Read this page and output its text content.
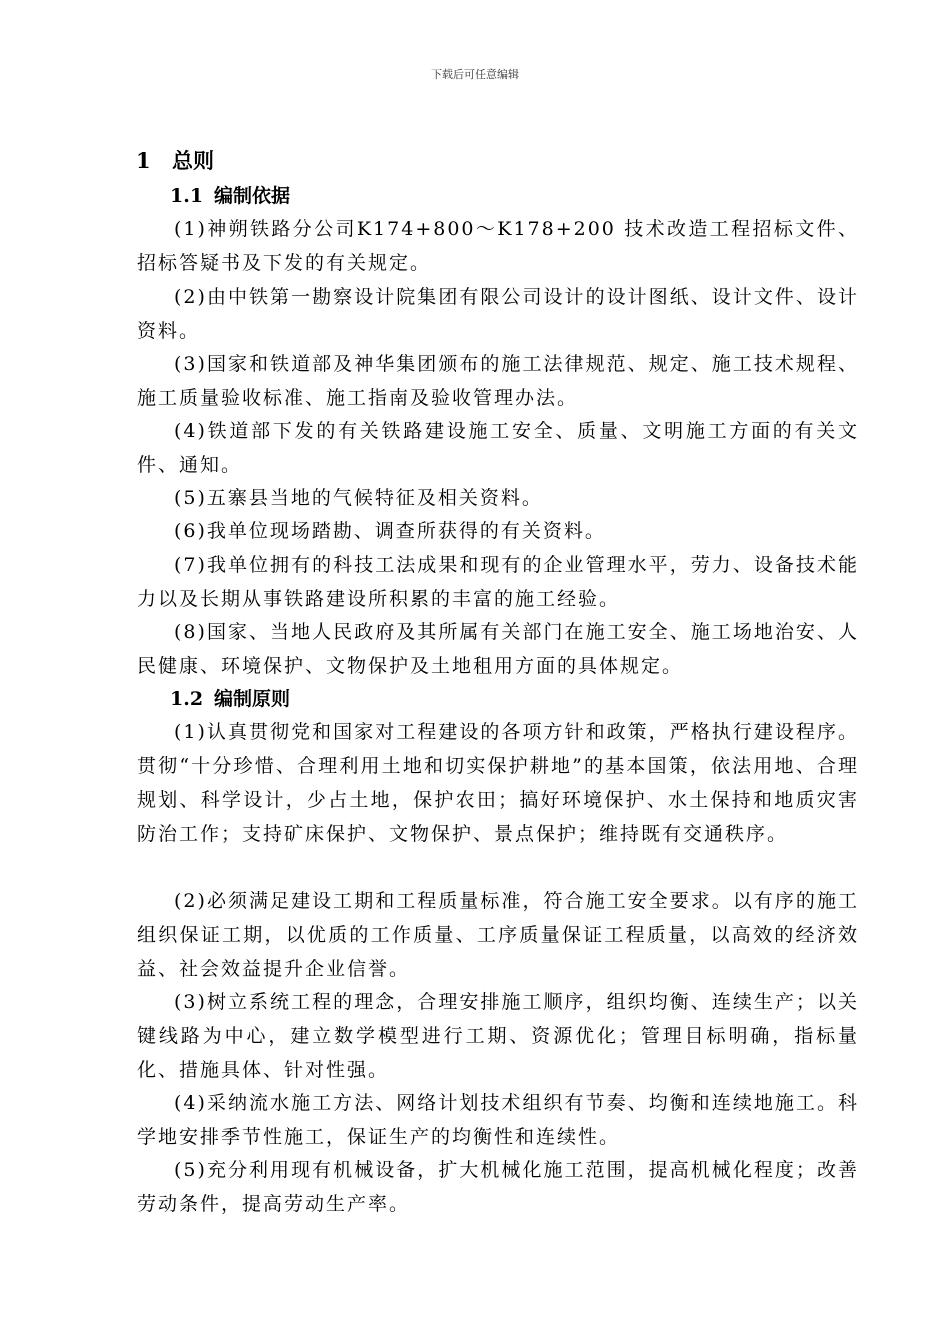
下载后可任意编辑
1 总则
1.1 编制依据

(1)神朔铁路分公司K174+800～K178+200 技术改造工程招标文件、招标答疑书及下发的有关规定。

(2)由中铁第一勘察设计院集团有限公司设计的设计图纸、设计文件、设计资料。

(3)国家和铁道部及神华集团颁布的施工法律规范、规定、施工技术规程、施工质量验收标准、施工指南及验收管理办法。

(4)铁道部下发的有关铁路建设施工安全、质量、文明施工方面的有关文件、通知。

(5)五寨县当地的气候特征及相关资料。

(6)我单位现场踏勘、调查所获得的有关资料。

(7)我单位拥有的科技工法成果和现有的企业管理水平，劳力、设备技术能力以及长期从事铁路建设所积累的丰富的施工经验。

(8)国家、当地人民政府及其所属有关部门在施工安全、施工场地治安、人民健康、环境保护、文物保护及土地租用方面的具体规定。

1.2 编制原则

(1)认真贯彻党和国家对工程建设的各项方针和政策，严格执行建设程序。贯彻“十分珍惜、合理利用土地和切实保护耕地”的基本国策，依法用地、合理规划、科学设计，少占土地，保护农田；搞好环境保护、水土保持和地质灾害防治工作；支持矿床保护、文物保护、景点保护；维持既有交通秩序。

(2)必须满足建设工期和工程质量标准，符合施工安全要求。以有序的施工组织保证工期，以优质的工作质量、工序质量保证工程质量，以高效的经济效益、社会效益提升企业信誉。

(3)树立系统工程的理念，合理安排施工顺序，组织均衡、连续生产；以关键线路为中心，建立数学模型进行工期、资源优化；管理目标明确，指标量化、措施具体、针对性强。

(4)采纳流水施工方法、网络计划技术组织有节奏、均衡和连续地施工。科学地安排季节性施工，保证生产的均衡性和连续性。

(5)充分利用现有机械设备，扩大机械化施工范围，提高机械化程度；改善劳动条件，提高劳动生产率。
